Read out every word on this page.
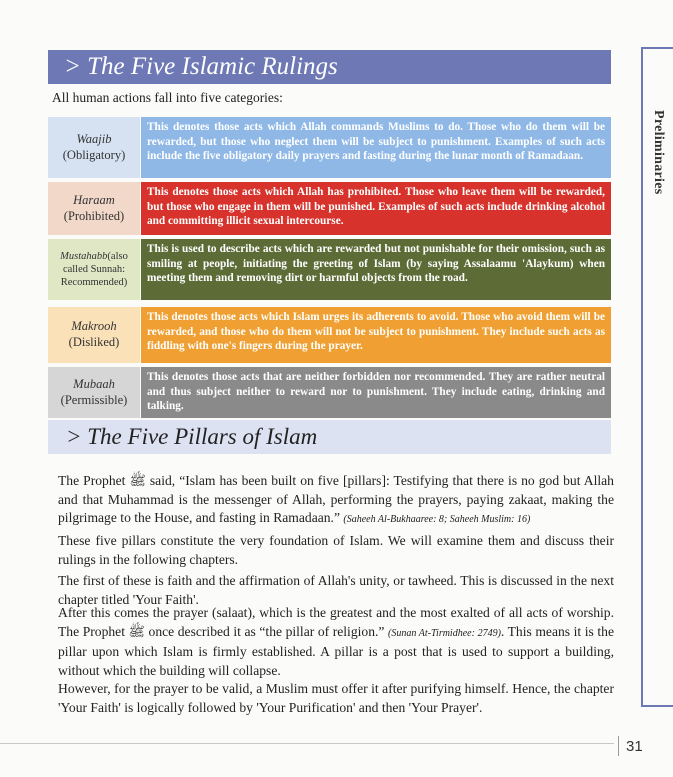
> The Five Islamic Rulings
All human actions fall into five categories:
Waajib
(Obligatory)
This denotes those acts which Allah commands Muslims to do. Those who do them will be rewarded, but those who neglect them will be subject to punishment. Examples of such acts include the five obligatory daily prayers and fasting during the lunar month of Ramadaan.
Haraam
(Prohibited)
This denotes those acts which Allah has prohibited. Those who leave them will be rewarded, but those who engage in them will be punished. Examples of such acts include drinking alcohol and committing illicit sexual intercourse.
Mustahabb(also called Sunnah:
Recommended)
This is used to describe acts which are rewarded but not punishable for their omission, such as smiling at people, initiating the greeting of Islam (by saying Assalaamu 'Alaykum) when meeting them and removing dirt or harmful objects from the road.
Makrooh
(Disliked)
This denotes those acts which Islam urges its adherents to avoid. Those who avoid them will be rewarded, and those who do them will not be subject to punishment. They include such acts as fiddling with one's fingers during the prayer.
Mubaah
(Permissible)
This denotes those acts that are neither forbidden nor recommended. They are rather neutral and thus subject neither to reward nor to punishment. They include eating, drinking and talking.
> The Five Pillars of Islam

The Prophet ﷺ said, “Islam has been built on five [pillars]: Testifying that there is no god but Allah and that Muhammad is the messenger of Allah, performing the prayers, paying zakaat, making the pilgrimage to the House, and fasting in Ramadaan.” (Saheeh Al-Bukhaaree: 8; Saheeh Muslim: 16)

These five pillars constitute the very foundation of Islam. We will examine them and discuss their rulings in the following chapters.

The first of these is faith and the affirmation of Allah's unity, or tawheed. This is discussed in the next chapter titled 'Your Faith'.

After this comes the prayer (salaat), which is the greatest and the most exalted of all acts of worship. The Prophet ﷺ once described it as “the pillar of religion.” (Sunan At-Tirmidhee: 2749). This means it is the pillar upon which Islam is firmly established. A pillar is a post that is used to support a building, without which the building will collapse.

However, for the prayer to be valid, a Muslim must offer it after purifying himself. Hence, the chapter 'Your Faith' is logically followed by 'Your Purification' and then 'Your Prayer'.

Preliminaries
31
